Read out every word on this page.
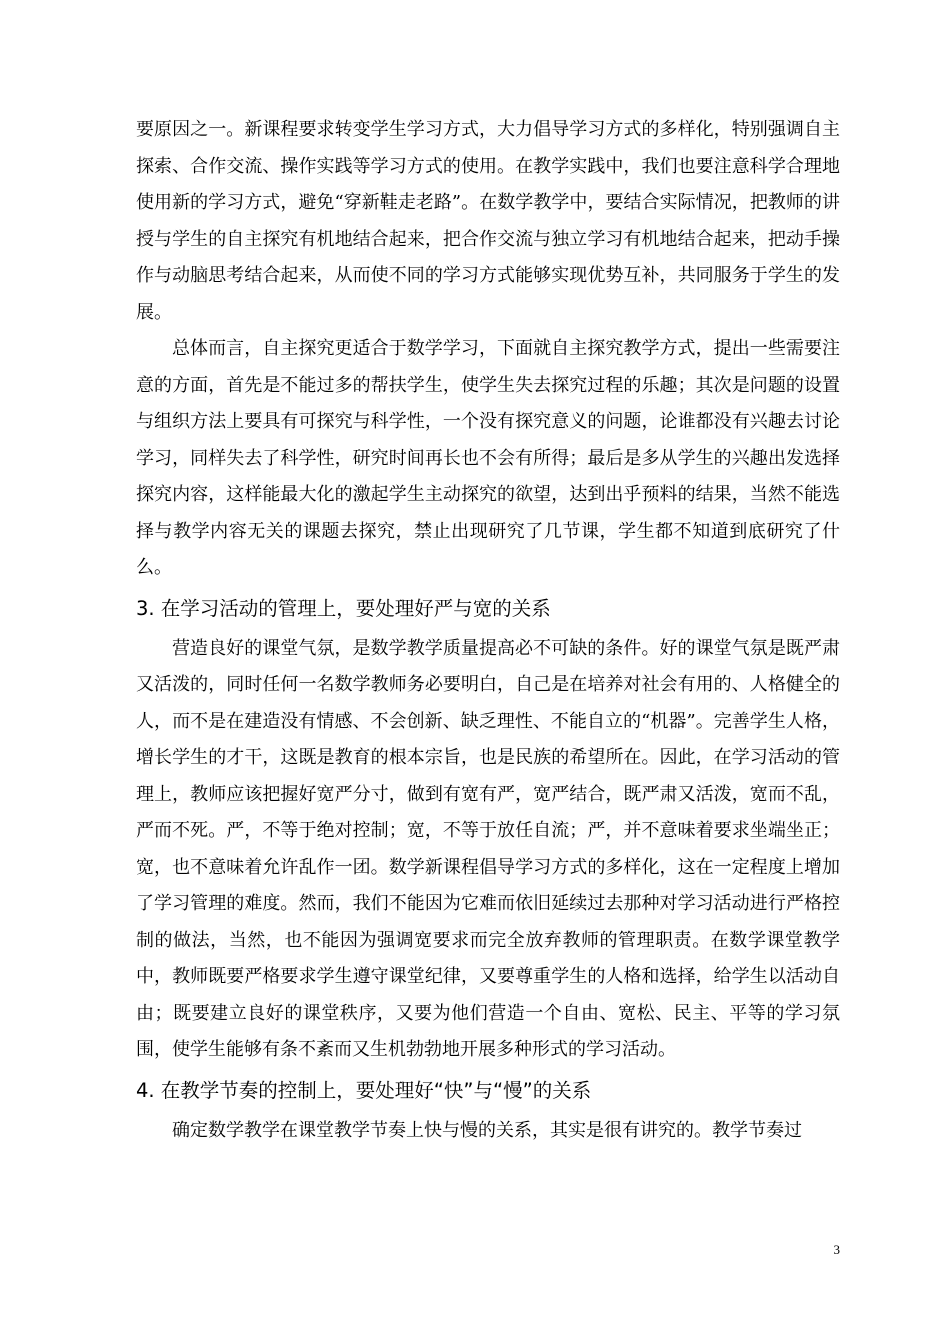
要原因之一。新课程要求转变学生学习方式，大力倡导学习方式的多样化，特别强调自主探索、合作交流、操作实践等学习方式的使用。在教学实践中，我们也要注意科学合理地使用新的学习方式，避免“穿新鞋走老路”。在数学教学中，要结合实际情况，把教师的讲授与学生的自主探究有机地结合起来，把合作交流与独立学习有机地结合起来，把动手操作与动脑思考结合起来，从而使不同的学习方式能够实现优势互补，共同服务于学生的发展。

总体而言，自主探究更适合于数学学习，下面就自主探究教学方式，提出一些需要注意的方面，首先是不能过多的帮扶学生，使学生失去探究过程的乐趣；其次是问题的设置与组织方法上要具有可探究与科学性，一个没有探究意义的问题，论谁都没有兴趣去讨论学习，同样失去了科学性，研究时间再长也不会有所得；最后是多从学生的兴趣出发选择探究内容，这样能最大化的激起学生主动探究的欲望，达到出乎预料的结果，当然不能选择与教学内容无关的课题去探究，禁止出现研究了几节课，学生都不知道到底研究了什么。

3. 在学习活动的管理上，要处理好严与宽的关系

营造良好的课堂气氛，是数学教学质量提高必不可缺的条件。好的课堂气氛是既严肃又活泼的，同时任何一名数学教师务必要明白，自己是在培养对社会有用的、人格健全的人，而不是在建造没有情感、不会创新、缺乏理性、不能自立的“机器”。完善学生人格，增长学生的才干，这既是教育的根本宗旨，也是民族的希望所在。因此，在学习活动的管理上，教师应该把握好宽严分寸，做到有宽有严，宽严结合，既严肃又活泼，宽而不乱，严而不死。严，不等于绝对控制；宽，不等于放任自流；严，并不意味着要求坐端坐正；宽，也不意味着允许乱作一团。数学新课程倡导学习方式的多样化，这在一定程度上增加了学习管理的难度。然而，我们不能因为它难而依旧延续过去那种对学习活动进行严格控制的做法，当然，也不能因为强调宽要求而完全放弃教师的管理职责。在数学课堂教学中，教师既要严格要求学生遵守课堂纪律，又要尊重学生的人格和选择，给学生以活动自由；既要建立良好的课堂秩序，又要为他们营造一个自由、宽松、民主、平等的学习氛围，使学生能够有条不紊而又生机勃勃地开展多种形式的学习活动。

4. 在教学节奏的控制上，要处理好“快”与“慢”的关系

确定数学教学在课堂教学节奏上快与慢的关系，其实是很有讲究的。教学节奏过

3
